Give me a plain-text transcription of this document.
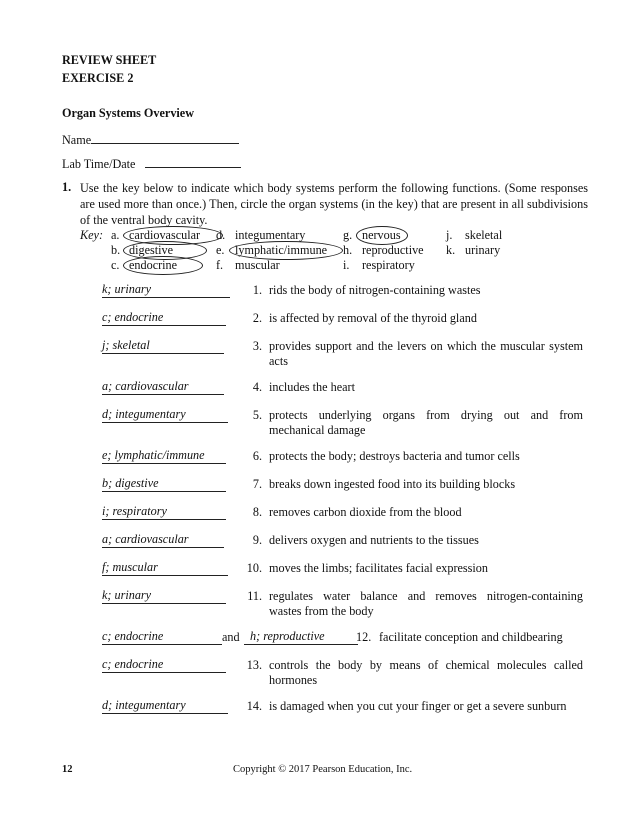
REVIEW SHEET
EXERCISE 2
Organ Systems Overview
Name
Lab Time/Date
1. Use the key below to indicate which body systems perform the following functions. (Some responses are used more than once.) Then, circle the organ systems (in the key) that are present in all subdivisions of the ventral body cavity.
Key: a. cardiovascular
b. digestive
c. endocrine
d. integumentary
e. lymphatic/immune
f. muscular
g. nervous
h. reproductive
i. respiratory
j. skeletal
k. urinary
k; urinary	1. rids the body of nitrogen-containing wastes
c; endocrine	2. is affected by removal of the thyroid gland
j; skeletal	3. provides support and the levers on which the muscular system acts
a; cardiovascular	4. includes the heart
d; integumentary	5. protects underlying organs from drying out and from mechanical damage
e; lymphatic/immune	6. protects the body; destroys bacteria and tumor cells
b; digestive	7. breaks down ingested food into its building blocks
i; respiratory	8. removes carbon dioxide from the blood
a; cardiovascular	9. delivers oxygen and nutrients to the tissues
f; muscular	10. moves the limbs; facilitates facial expression
k; urinary	11. regulates water balance and removes nitrogen-containing wastes from the body
c; endocrine	and h; reproductive	12. facilitate conception and childbearing
c; endocrine	13. controls the body by means of chemical molecules called hormones
d; integumentary	14. is damaged when you cut your finger or get a severe sunburn
12	Copyright © 2017 Pearson Education, Inc.
